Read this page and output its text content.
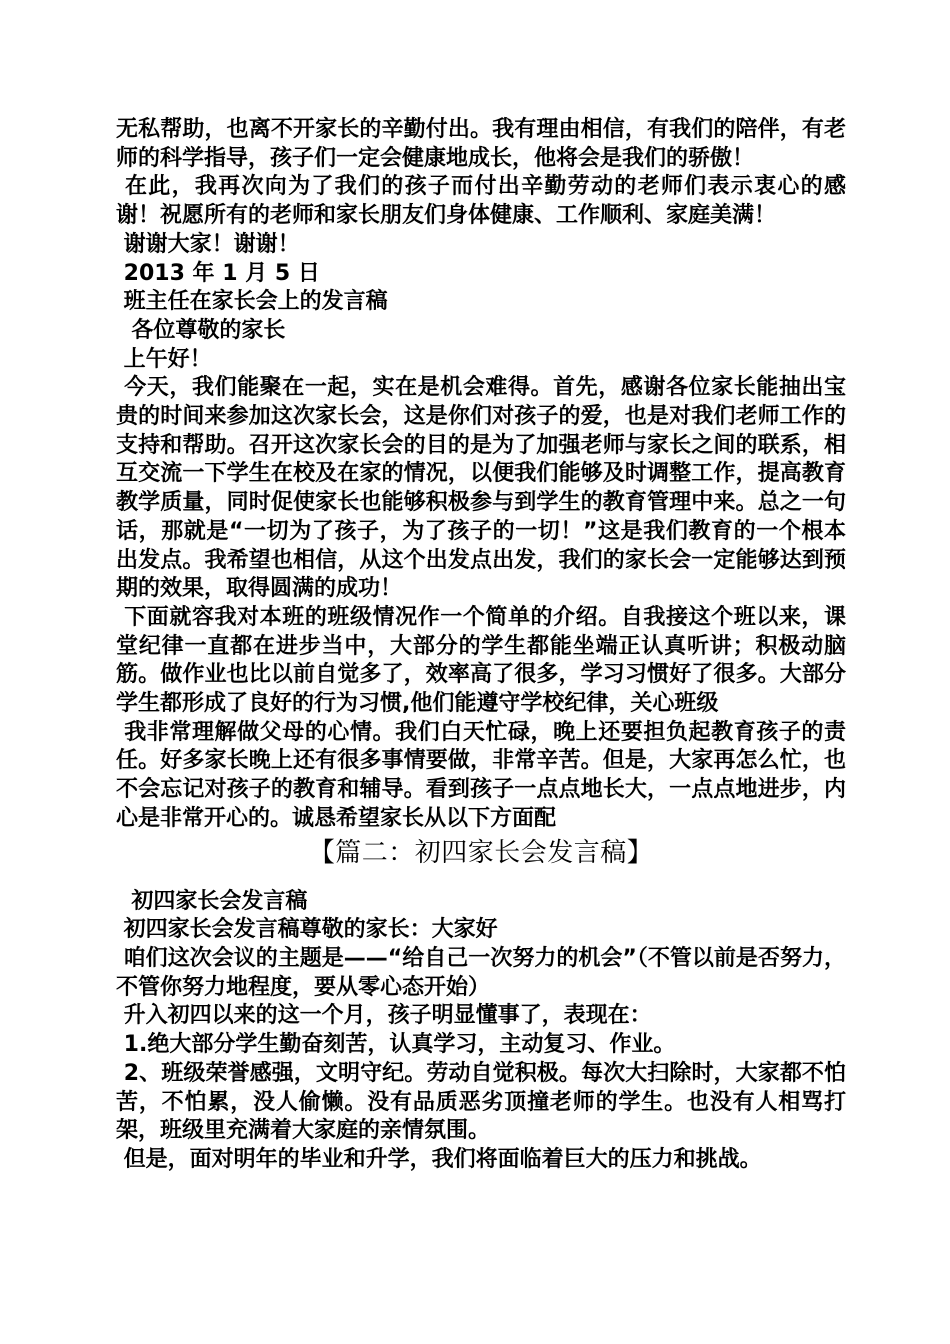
无私帮助，也离不开家长的辛勤付出。我有理由相信，有我们的陪伴，有老师的科学指导，孩子们一定会健康地成长，他将会是我们的骄傲！

在此，我再次向为了我们的孩子而付出辛勤劳动的老师们表示衷心的感谢！祝愿所有的老师和家长朋友们身体健康、工作顺利、家庭美满！

谢谢大家！谢谢！

2013 年 1 月 5 日

班主任在家长会上的发言稿

各位尊敬的家长

上午好！

今天，我们能聚在一起，实在是机会难得。首先，感谢各位家长能抽出宝贵的时间来参加这次家长会，这是你们对孩子的爱，也是对我们老师工作的支持和帮助。召开这次家长会的目的是为了加强老师与家长之间的联系，相互交流一下学生在校及在家的情况，以便我们能够及时调整工作，提高教育教学质量，同时促使家长也能够积极参与到学生的教育管理中来。总之一句话，那就是“一切为了孩子，为了孩子的一切！”这是我们教育的一个根本出发点。我希望也相信，从这个出发点出发，我们的家长会一定能够达到预期的效果，取得圆满的成功！

下面就容我对本班的班级情况作一个简单的介绍。自我接这个班以来，课堂纪律一直都在进步当中，大部分的学生都能坐端正认真听讲；积极动脑筋。做作业也比以前自觉多了，效率高了很多，学习习惯好了很多。大部分学生都形成了良好的行为习惯,他们能遵守学校纪律，关心班级

我非常理解做父母的心情。我们白天忙碌，晚上还要担负起教育孩子的责任。好多家长晚上还有很多事情要做，非常辛苦。但是，大家再怎么忙，也不会忘记对孩子的教育和辅导。看到孩子一点点地长大，一点点地进步，内心是非常开心的。诚恳希望家长从以下方面配

【篇二：初四家长会发言稿】

初四家长会发言稿

初四家长会发言稿尊敬的家长：大家好

咱们这次会议的主题是——“给自己一次努力的机会”（不管以前是否努力，不管你努力地程度，要从零心态开始）

升入初四以来的这一个月，孩子明显懂事了，表现在：

1.绝大部分学生勤奋刻苦，认真学习，主动复习、作业。

2、班级荣誉感强，文明守纪。劳动自觉积极。每次大扫除时，大家都不怕苦，不怕累，没人偷懒。没有品质恶劣顶撞老师的学生。也没有人相骂打架，班级里充满着大家庭的亲情氛围。

但是，面对明年的毕业和升学，我们将面临着巨大的压力和挑战。
